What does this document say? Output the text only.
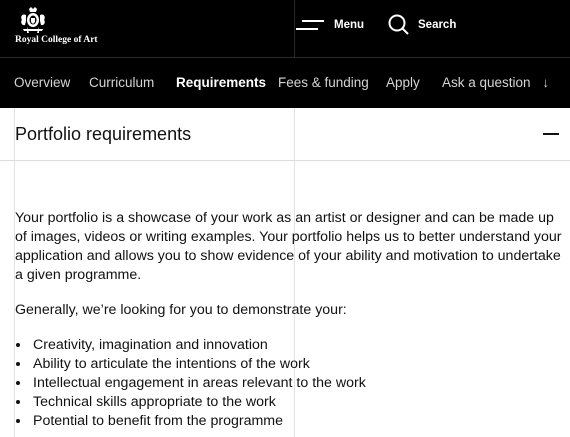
Royal College of Art
Menu	Search
Overview Curriculum Requirements Fees & funding Apply Ask a question ↓
Portfolio requirements

Your portfolio is a showcase of your work as an artist or designer and can be made up of images, videos or writing examples. Your portfolio helps us to better understand your application and allows you to show evidence of your ability and motivation to undertake a given programme.

Generally, we’re looking for you to demonstrate your:

• Creativity, imagination and innovation
• Ability to articulate the intentions of the work
• Intellectual engagement in areas relevant to the work
• Technical skills appropriate to the work
• Potential to benefit from the programme
